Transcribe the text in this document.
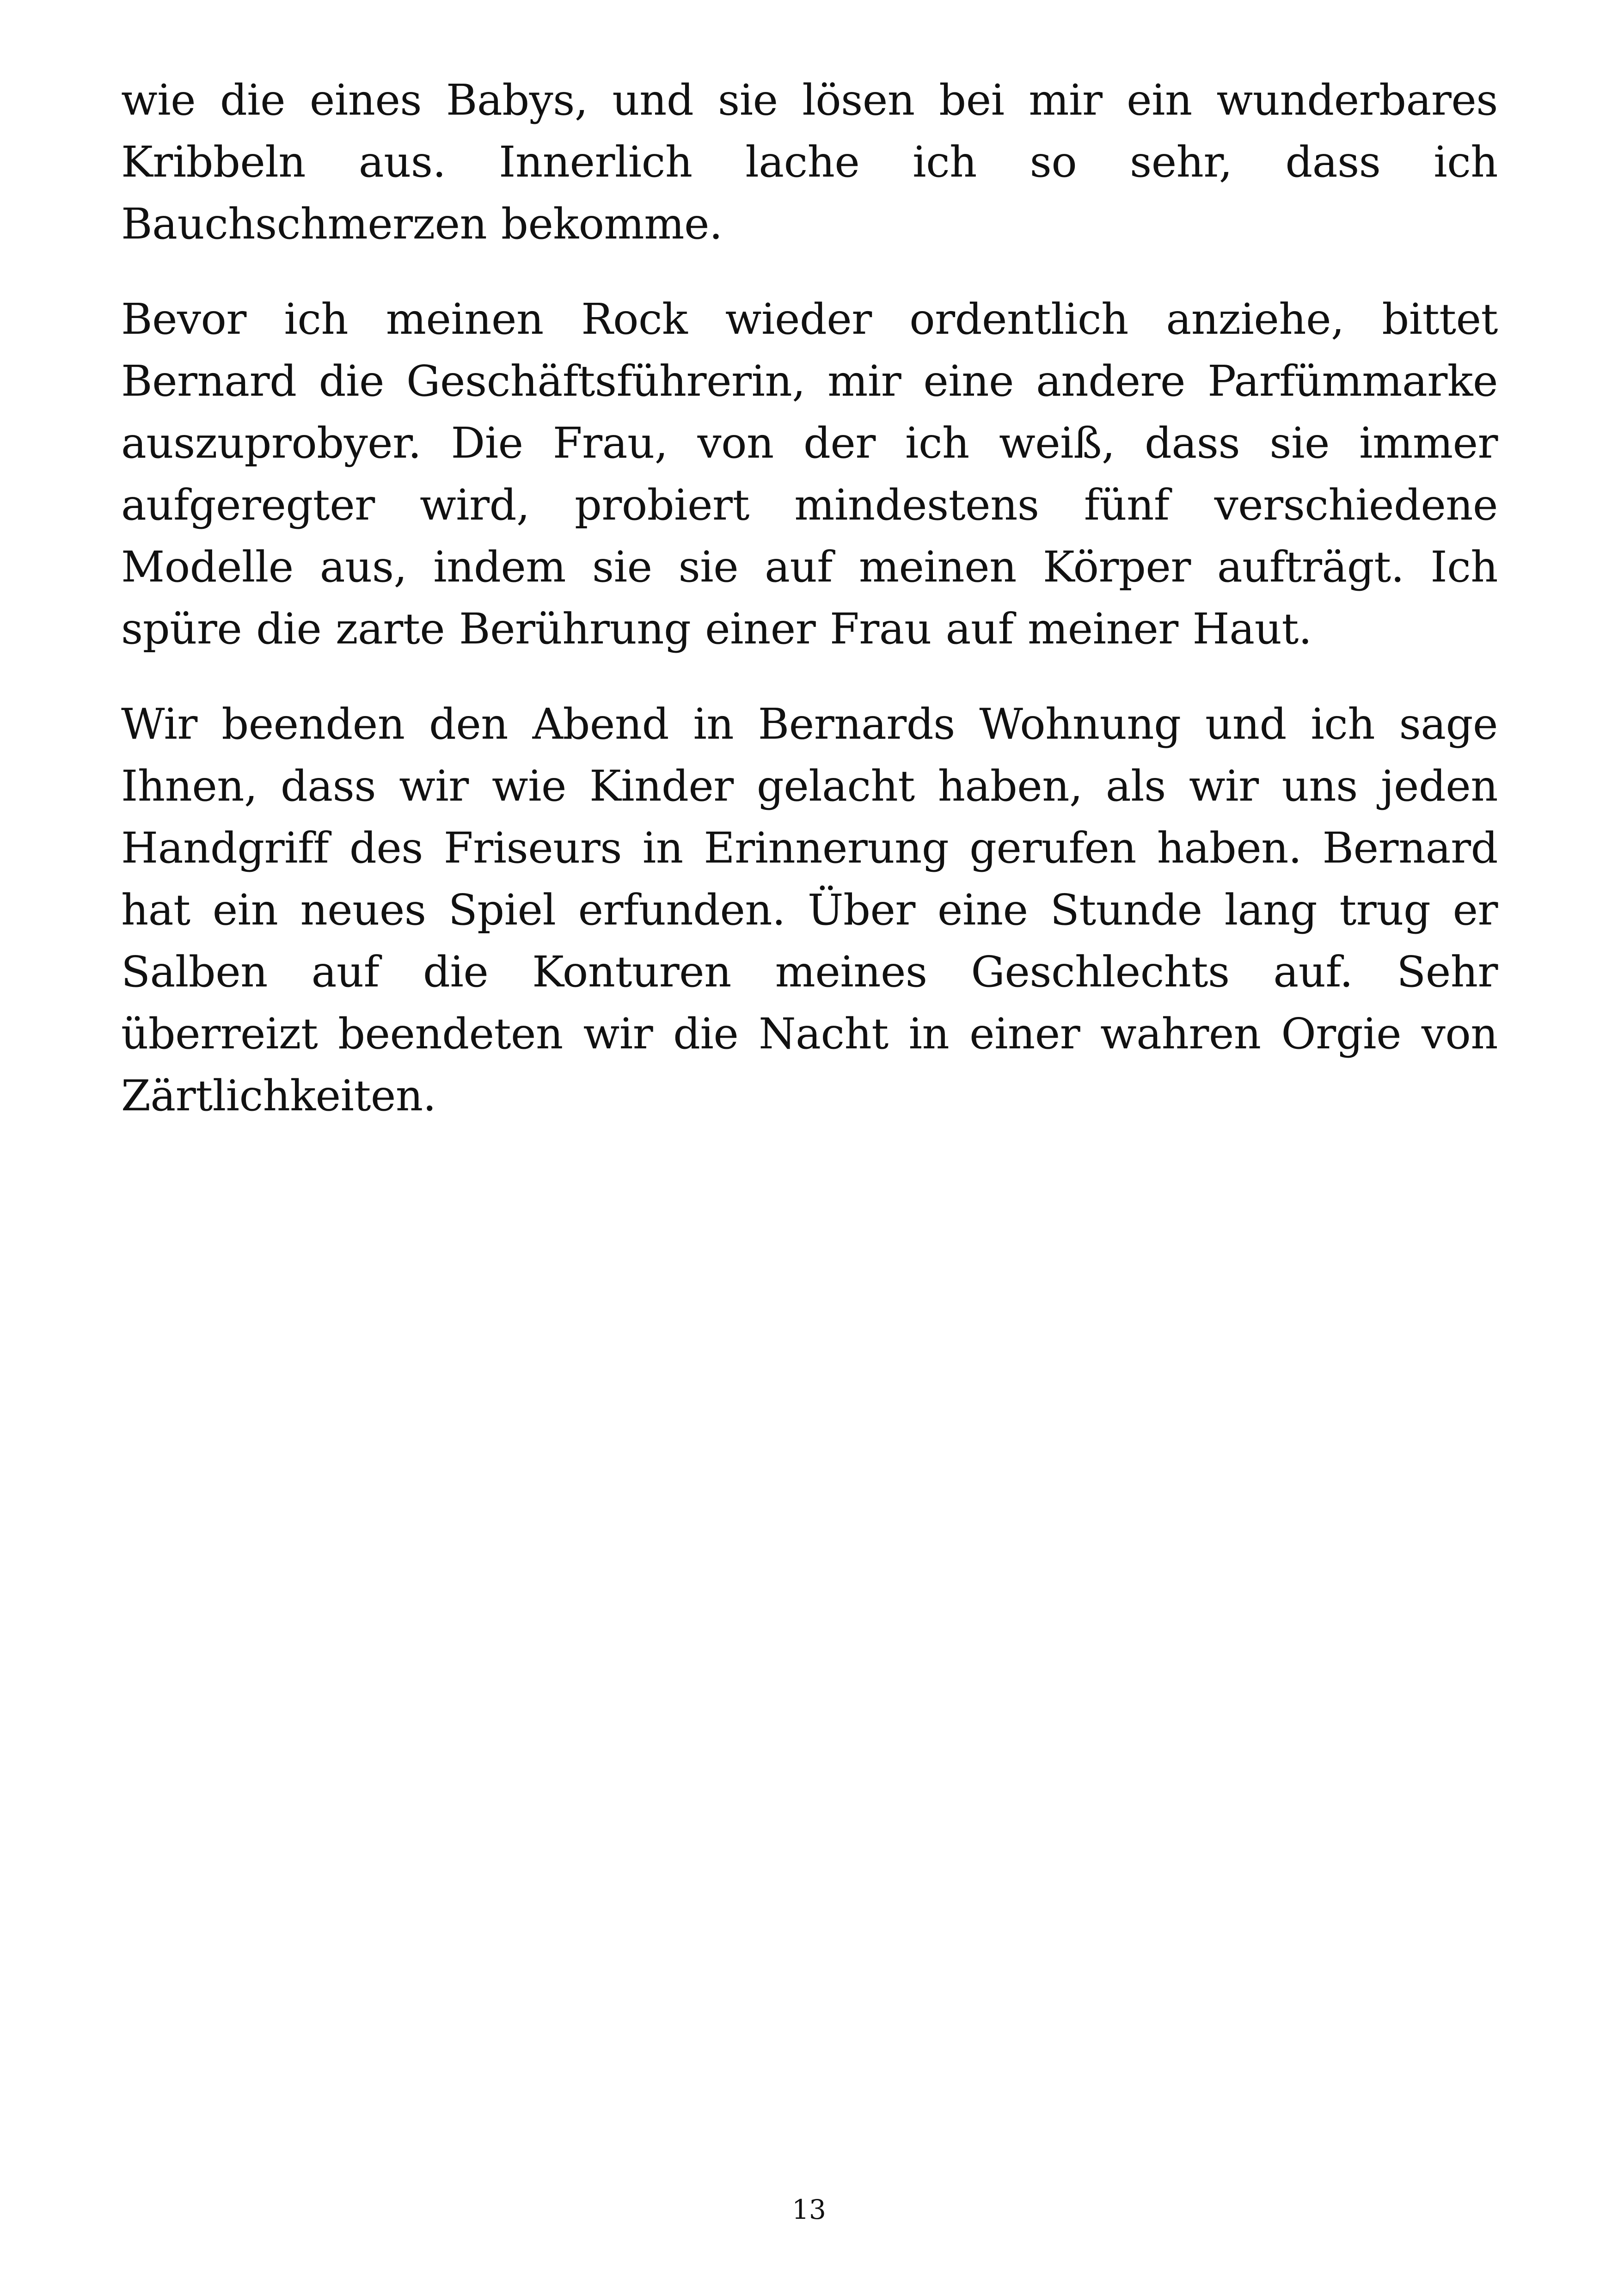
wie die eines Babys, und sie lösen bei mir ein wunderbares Kribbeln aus. Innerlich lache ich so sehr, dass ich Bauchschmerzen bekomme.

Bevor ich meinen Rock wieder ordentlich anziehe, bittet Bernard die Geschäftsführerin, mir eine andere Parfümmarke auszuprobyer. Die Frau, von der ich weiß, dass sie immer aufgeregter wird, probiert mindestens fünf verschiedene Modelle aus, indem sie sie auf meinen Körper aufträgt. Ich spüre die zarte Berührung einer Frau auf meiner Haut.

Wir beenden den Abend in Bernards Wohnung und ich sage Ihnen, dass wir wie Kinder gelacht haben, als wir uns jeden Handgriff des Friseurs in Erinnerung gerufen haben. Bernard hat ein neues Spiel erfunden. Über eine Stunde lang trug er Salben auf die Konturen meines Geschlechts auf. Sehr überreizt beendeten wir die Nacht in einer wahren Orgie von Zärtlichkeiten.

13
